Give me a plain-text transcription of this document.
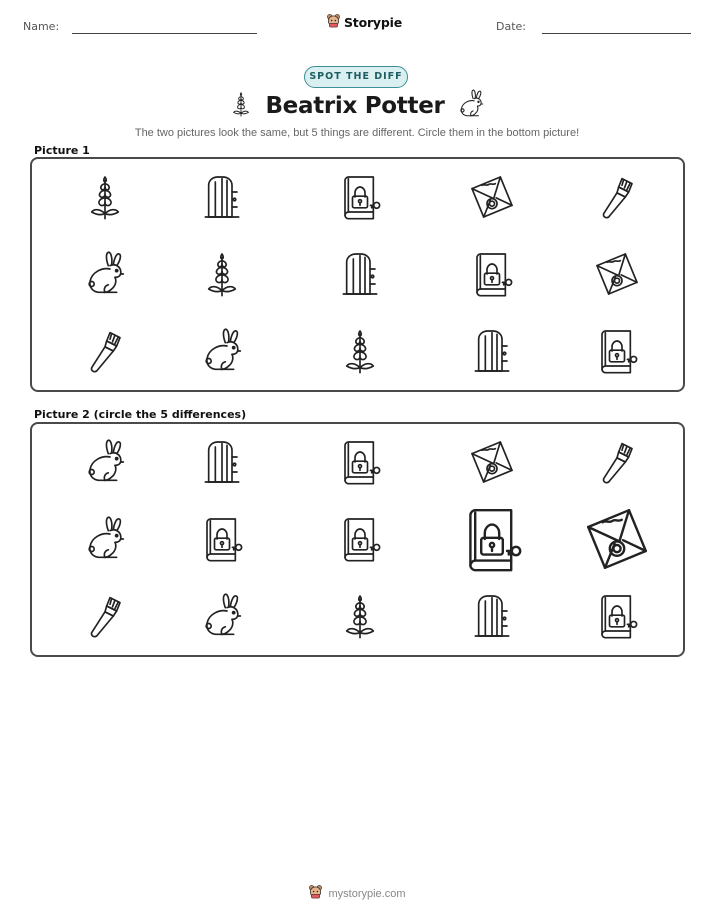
Name:	Storypie	Date:
SPOT THE DIFF
Beatrix Potter
The two pictures look the same, but 5 things are different. Circle them in the bottom picture!
Picture 1
Picture 2 (circle the 5 differences)
mystorypie.com
